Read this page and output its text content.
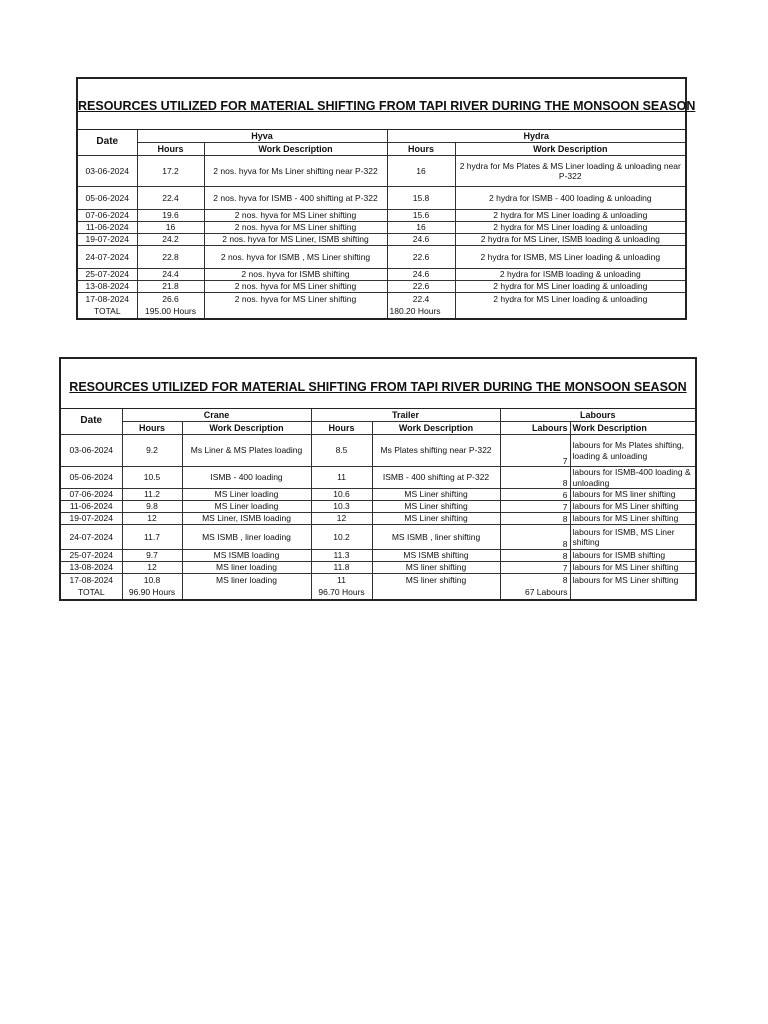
RESOURCES UTILIZED FOR MATERIAL SHIFTING FROM TAPI RIVER DURING THE MONSOON SEASON
Date	Hyva		Hydra	
	Hours	Work Description	Hours	Work Description
03-06-2024	17.2	2 nos. hyva for Ms Liner shifting near P-322	16	2 hydra for Ms Plates & MS Liner loading & unloading near P-322
05-06-2024	22.4	2 nos. hyva for ISMB - 400 shifting at P-322	15.8	2 hydra for ISMB - 400 loading & unloading
07-06-2024	19.6	2 nos. hyva for MS Liner shifting	15.6	2 hydra for MS Liner loading & unloading
11-06-2024	16	2 nos. hyva for MS Liner shifting	16	2 hydra for MS Liner loading & unloading
19-07-2024	24.2	2 nos. hyva for MS Liner, ISMB shifting	24.6	2 hydra for MS Liner, ISMB loading & unloading
24-07-2024	22.8	2 nos. hyva for ISMB , MS Liner shifting	22.6	2 hydra for ISMB, MS Liner loading & unloading
25-07-2024	24.4	2 nos. hyva for ISMB shifting	24.6	2 hydra for ISMB loading & unloading
13-08-2024	21.8	2 nos. hyva for MS Liner shifting	22.6	2 hydra for MS Liner loading & unloading
17-08-2024	26.6	2 nos. hyva for MS Liner shifting	22.4	2 hydra for MS Liner loading & unloading
TOTAL	195.00 Hours		180.20 Hours	
RESOURCES UTILIZED FOR MATERIAL SHIFTING FROM TAPI RIVER DURING THE MONSOON SEASON
Date	Crane		Trailer		Labours	
	Hours	Work Description	Hours	Work Description	Labours	Work Description
03-06-2024	9.2	Ms Liner & MS Plates loading	8.5	Ms Plates shifting near P-322	7	labours for Ms Plates shifting, loading & unloading
05-06-2024	10.5	ISMB - 400 loading	11	ISMB - 400 shifting at P-322	8	labours for ISMB-400 loading & unloading
07-06-2024	11.2	MS Liner loading	10.6	MS Liner shifting	6	labours for MS liner shifting
11-06-2024	9.8	MS Liner loading	10.3	MS Liner shifting	7	labours for MS Liner shifting
19-07-2024	12	MS Liner, ISMB loading	12	MS Liner shifting	8	labours for MS Liner shifting
24-07-2024	11.7	MS ISMB , liner loading	10.2	MS ISMB , liner shifting	8	labours for ISMB, MS Liner shifting
25-07-2024	9.7	MS ISMB loading	11.3	MS ISMB shifting	8	labours for ISMB shifting
13-08-2024	12	MS liner loading	11.8	MS liner shifting	7	labours for MS Liner shifting
17-08-2024	10.8	MS liner loading	11	MS liner shifting	8	labours for MS Liner shifting
TOTAL	96.90 Hours		96.70 Hours		67 Labours	
